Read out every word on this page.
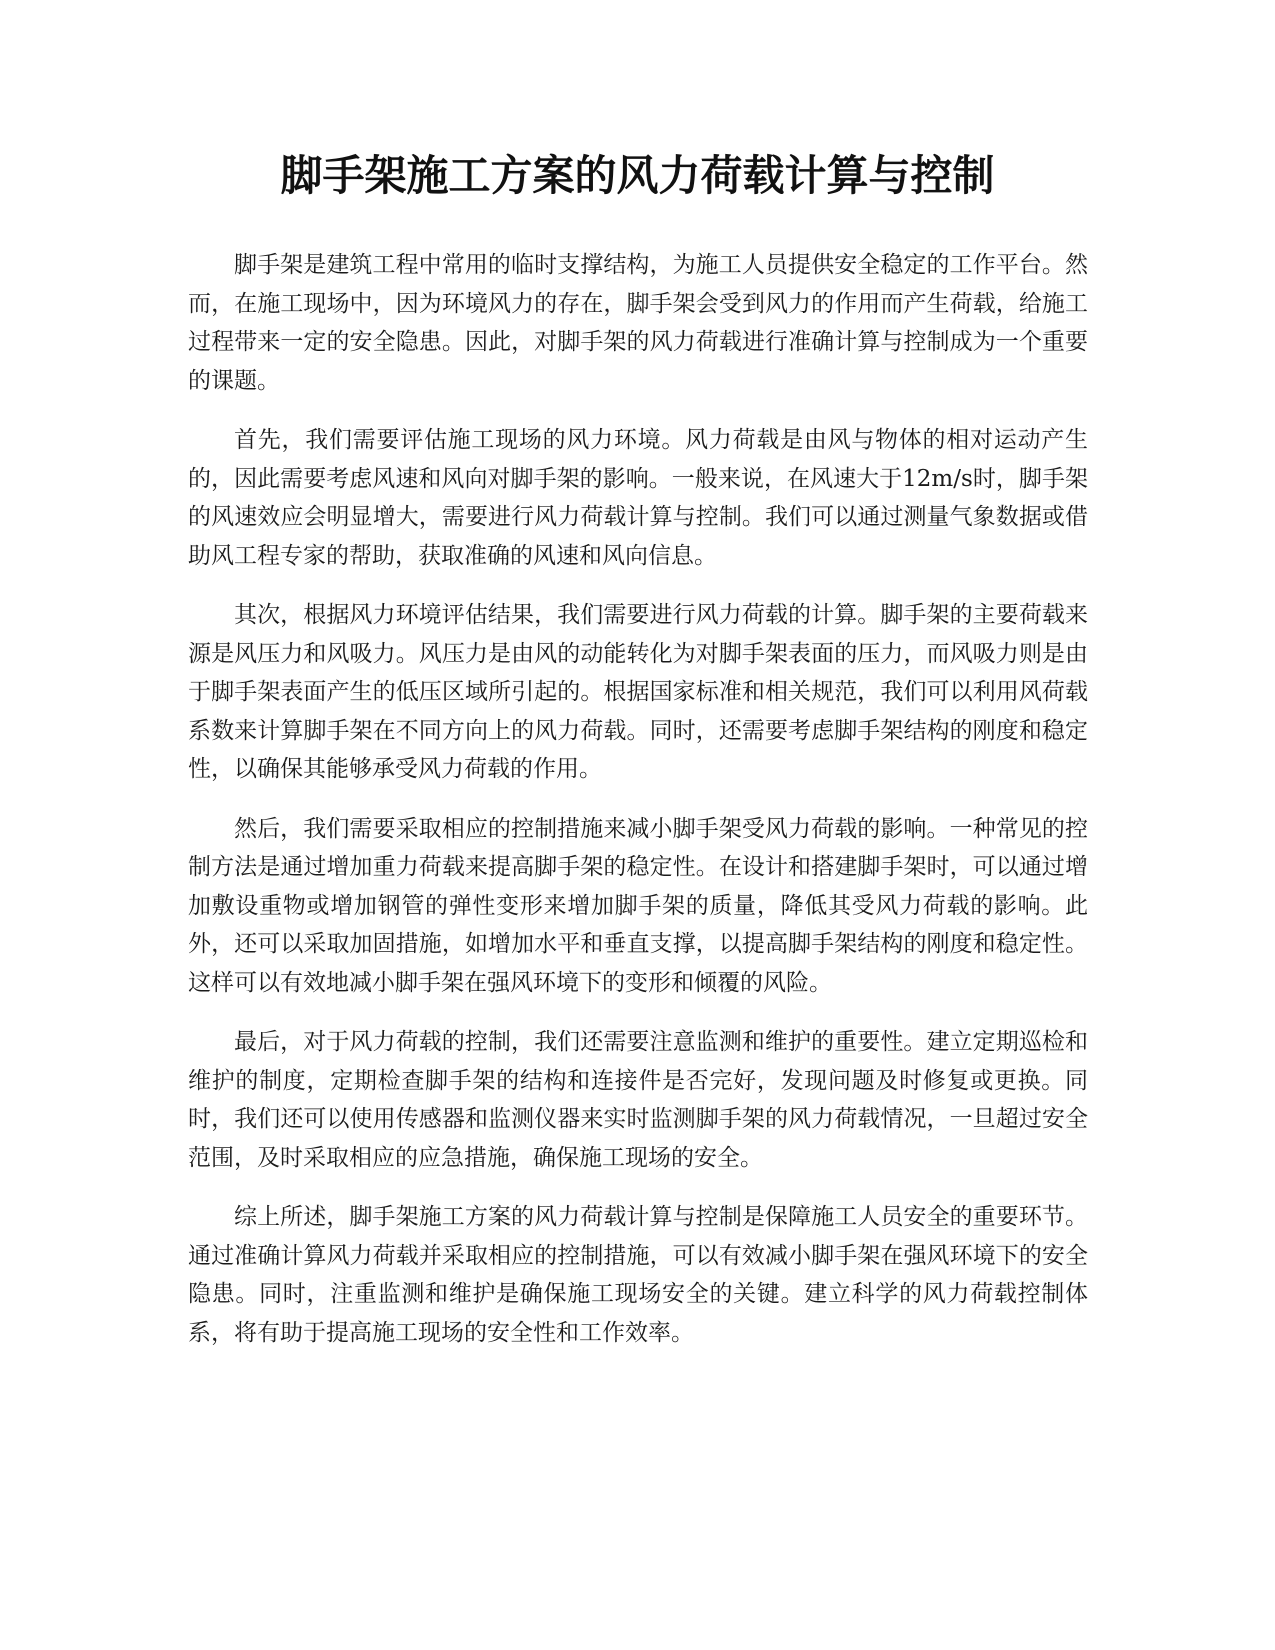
脚手架施工方案的风力荷载计算与控制

脚手架是建筑工程中常用的临时支撑结构，为施工人员提供安全稳定的工作平台。然而，在施工现场中，因为环境风力的存在，脚手架会受到风力的作用而产生荷载，给施工过程带来一定的安全隐患。因此，对脚手架的风力荷载进行准确计算与控制成为一个重要的课题。

首先，我们需要评估施工现场的风力环境。风力荷载是由风与物体的相对运动产生的，因此需要考虑风速和风向对脚手架的影响。一般来说，在风速大于12m/s时，脚手架的风速效应会明显增大，需要进行风力荷载计算与控制。我们可以通过测量气象数据或借助风工程专家的帮助，获取准确的风速和风向信息。

其次，根据风力环境评估结果，我们需要进行风力荷载的计算。脚手架的主要荷载来源是风压力和风吸力。风压力是由风的动能转化为对脚手架表面的压力，而风吸力则是由于脚手架表面产生的低压区域所引起的。根据国家标准和相关规范，我们可以利用风荷载系数来计算脚手架在不同方向上的风力荷载。同时，还需要考虑脚手架结构的刚度和稳定性，以确保其能够承受风力荷载的作用。

然后，我们需要采取相应的控制措施来减小脚手架受风力荷载的影响。一种常见的控制方法是通过增加重力荷载来提高脚手架的稳定性。在设计和搭建脚手架时，可以通过增加敷设重物或增加钢管的弹性变形来增加脚手架的质量，降低其受风力荷载的影响。此外，还可以采取加固措施，如增加水平和垂直支撑，以提高脚手架结构的刚度和稳定性。这样可以有效地减小脚手架在强风环境下的变形和倾覆的风险。

最后，对于风力荷载的控制，我们还需要注意监测和维护的重要性。建立定期巡检和维护的制度，定期检查脚手架的结构和连接件是否完好，发现问题及时修复或更换。同时，我们还可以使用传感器和监测仪器来实时监测脚手架的风力荷载情况，一旦超过安全范围，及时采取相应的应急措施，确保施工现场的安全。

综上所述，脚手架施工方案的风力荷载计算与控制是保障施工人员安全的重要环节。通过准确计算风力荷载并采取相应的控制措施，可以有效减小脚手架在强风环境下的安全隐患。同时，注重监测和维护是确保施工现场安全的关键。建立科学的风力荷载控制体系，将有助于提高施工现场的安全性和工作效率。
